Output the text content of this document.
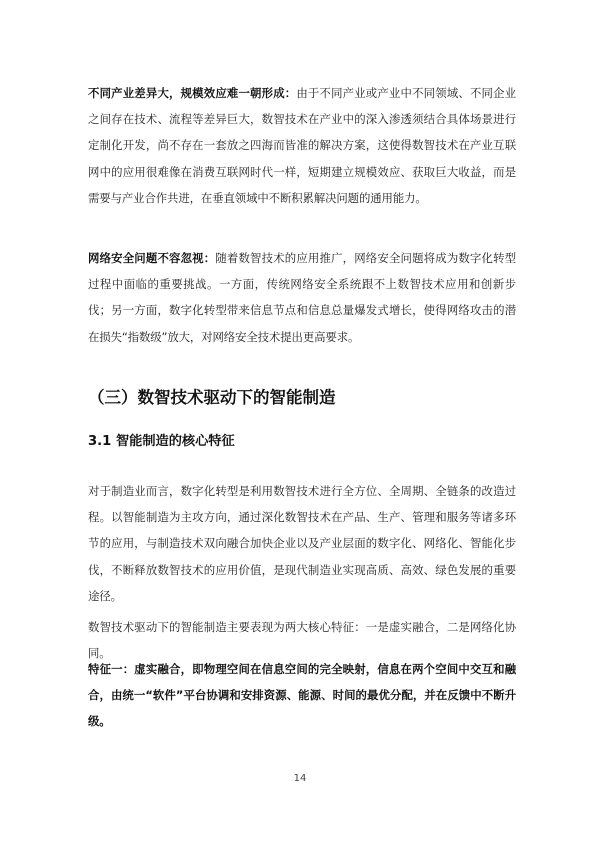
不同产业差异大，规模效应难一朝形成：由于不同产业或产业中不同领域、不同企业之间存在技术、流程等差异巨大，数智技术在产业中的深入渗透须结合具体场景进行定制化开发，尚不存在一套放之四海而皆准的解决方案，这使得数智技术在产业互联网中的应用很难像在消费互联网时代一样，短期建立规模效应、获取巨大收益，而是需要与产业合作共进，在垂直领域中不断积累解决问题的通用能力。

网络安全问题不容忽视：随着数智技术的应用推广，网络安全问题将成为数字化转型过程中面临的重要挑战。一方面，传统网络安全系统跟不上数智技术应用和创新步伐；另一方面，数字化转型带来信息节点和信息总量爆发式增长，使得网络攻击的潜在损失“指数级”放大，对网络安全技术提出更高要求。

（三）数智技术驱动下的智能制造
3.1 智能制造的核心特征

对于制造业而言，数字化转型是利用数智技术进行全方位、全周期、全链条的改造过程。以智能制造为主攻方向，通过深化数智技术在产品、生产、管理和服务等诸多环节的应用，与制造技术双向融合加快企业以及产业层面的数字化、网络化、智能化步伐，不断释放数智技术的应用价值，是现代制造业实现高质、高效、绿色发展的重要途径。

数智技术驱动下的智能制造主要表现为两大核心特征：一是虚实融合，二是网络化协同。

特征一：虚实融合，即物理空间在信息空间的完全映射，信息在两个空间中交互和融合，由统一“软件”平台协调和安排资源、能源、时间的最优分配，并在反馈中不断升级。

14
